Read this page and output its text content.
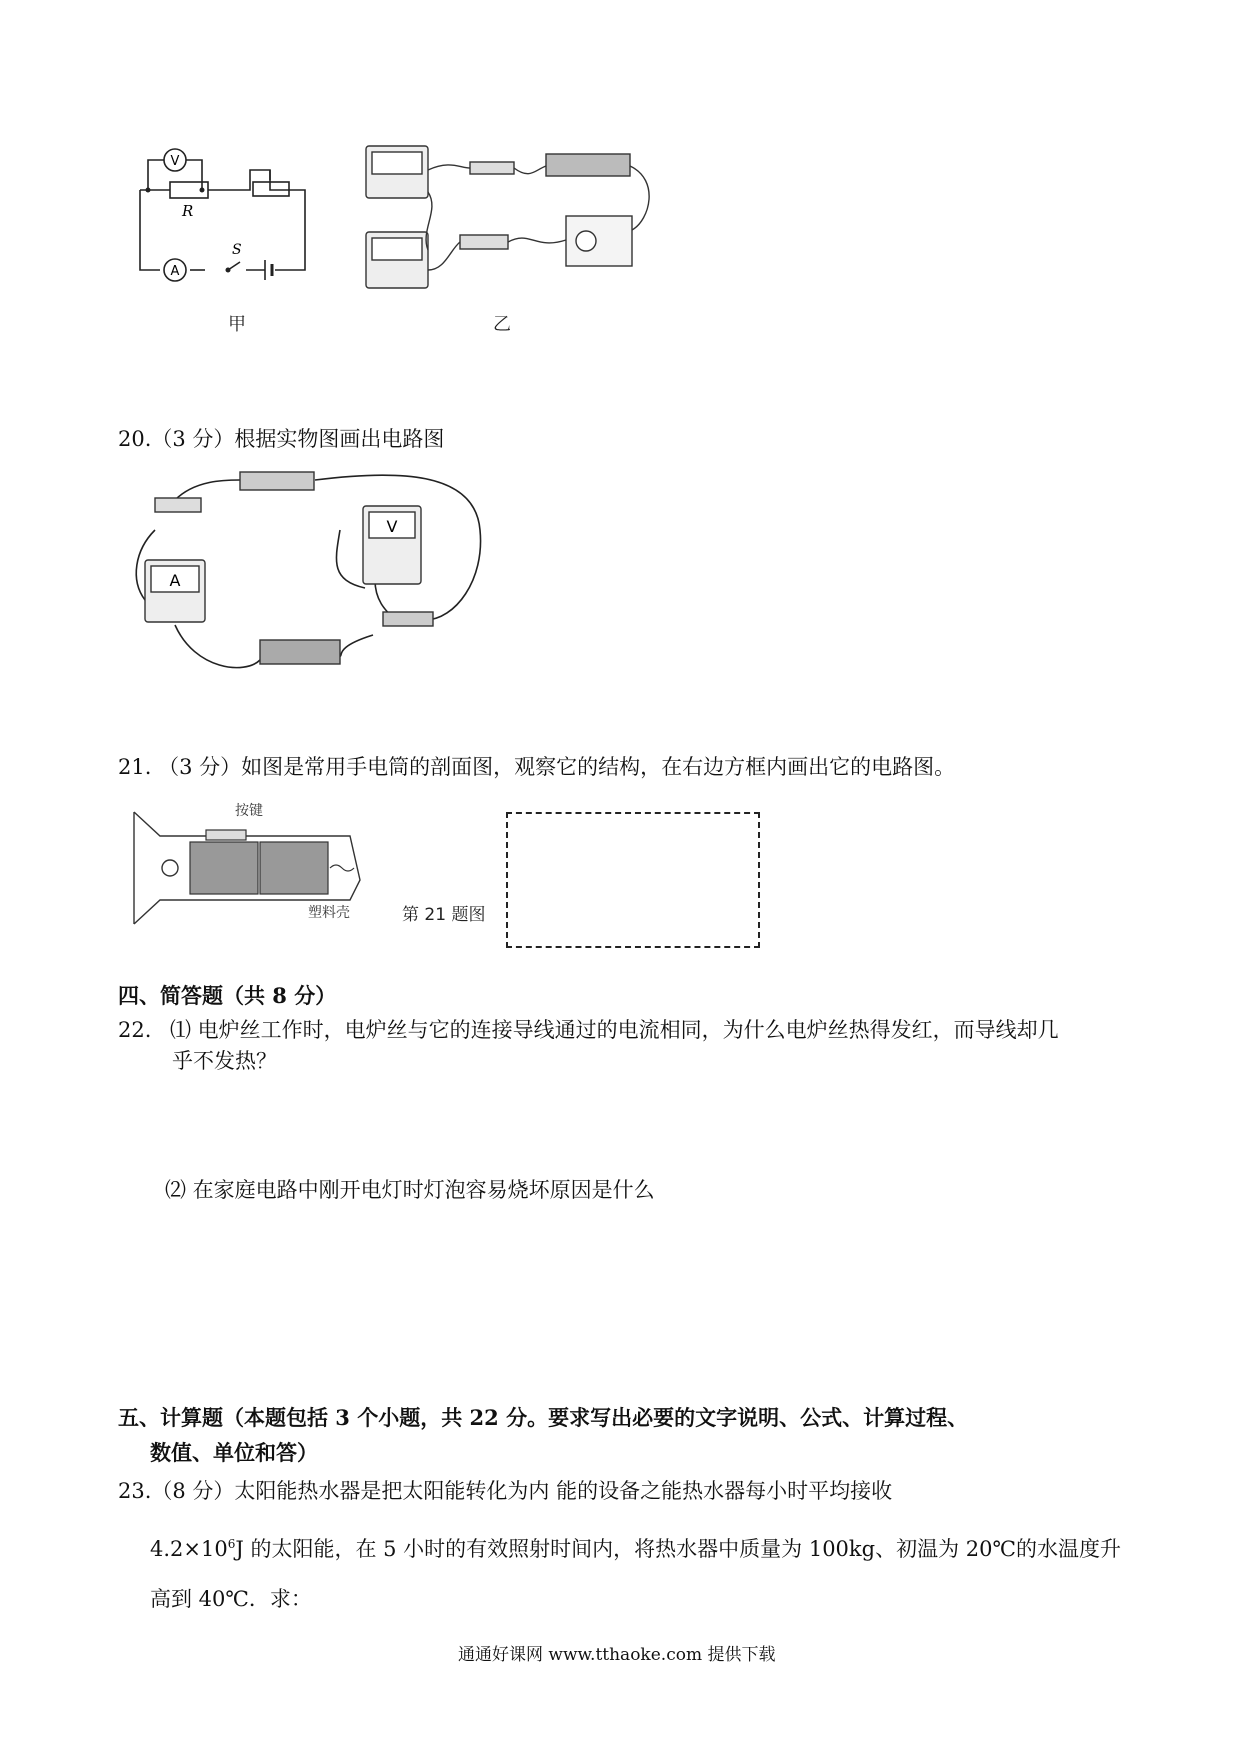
V
A
R
S
甲	乙
20.（3 分）根据实物图画出电路图
A
V
21. （3 分）如图是常用手电筒的剖面图，观察它的结构，在右边方框内画出它的电路图。
按键
塑料壳	第 21 题图
四、简答题（共 8 分）
22. ⑴ 电炉丝工作时，电炉丝与它的连接导线通过的电流相同，为什么电炉丝热得发红，而导线却几
乎不发热？
⑵ 在家庭电路中刚开电灯时灯泡容易烧坏原因是什么
五、计算题（本题包括 3 个小题，共 22 分。要求写出必要的文字说明、公式、计算过程、
数值、单位和答）
23.（8 分）太阳能热水器是把太阳能转化为内 能的设备之能热水器每小时平均接收
$4.2\times 10^6J$ 的太阳能，在 5 小时的有效照射时间内，将热水器中质量为 100kg、初温为 20℃的水温度升
高到 40℃．求：
通通好课网 www.tthaoke.com 提供下载
